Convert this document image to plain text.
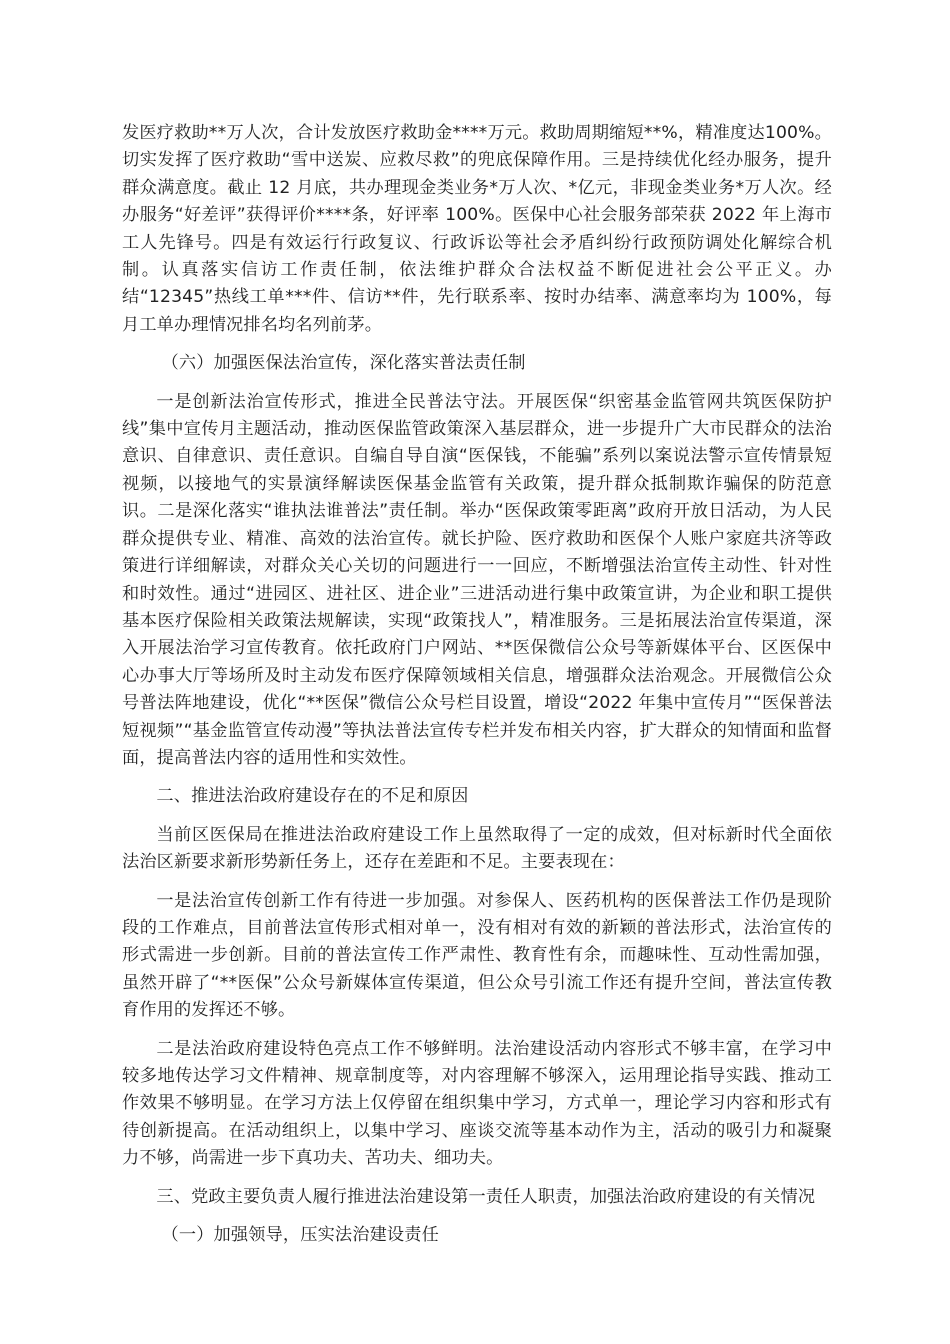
发医疗救助**万人次，合计发放医疗救助金****万元。救助周期缩短**%，精准度达100%。切实发挥了医疗救助“雪中送炭、应救尽救”的兜底保障作用。三是持续优化经办服务，提升群众满意度。截止 12 月底，共办理现金类业务*万人次、*亿元，非现金类业务*万人次。经办服务“好差评”获得评价****条，好评率 100%。医保中心社会服务部荣获 2022 年上海市工人先锋号。四是有效运行行政复议、行政诉讼等社会矛盾纠纷行政预防调处化解综合机制。认真落实信访工作责任制，依法维护群众合法权益不断促进社会公平正义。办结“12345”热线工单***件、信访**件，先行联系率、按时办结率、满意率均为 100%，每月工单办理情况排名均名列前茅。

（六）加强医保法治宣传，深化落实普法责任制

一是创新法治宣传形式，推进全民普法守法。开展医保“织密基金监管网共筑医保防护线”集中宣传月主题活动，推动医保监管政策深入基层群众，进一步提升广大市民群众的法治意识、自律意识、责任意识。自编自导自演“医保钱，不能骗”系列以案说法警示宣传情景短视频，以接地气的实景演绎解读医保基金监管有关政策，提升群众抵制欺诈骗保的防范意识。二是深化落实“谁执法谁普法”责任制。举办“医保政策零距离”政府开放日活动，为人民群众提供专业、精准、高效的法治宣传。就长护险、医疗救助和医保个人账户家庭共济等政策进行详细解读，对群众关心关切的问题进行一一回应，不断增强法治宣传主动性、针对性和时效性。通过“进园区、进社区、进企业”三进活动进行集中政策宣讲，为企业和职工提供基本医疗保险相关政策法规解读，实现“政策找人”，精准服务。三是拓展法治宣传渠道，深入开展法治学习宣传教育。依托政府门户网站、**医保微信公众号等新媒体平台、区医保中心办事大厅等场所及时主动发布医疗保障领域相关信息，增强群众法治观念。开展微信公众号普法阵地建设，优化“**医保”微信公众号栏目设置，增设“2022 年集中宣传月”“医保普法短视频”“基金监管宣传动漫”等执法普法宣传专栏并发布相关内容，扩大群众的知情面和监督面，提高普法内容的适用性和实效性。

二、推进法治政府建设存在的不足和原因

当前区医保局在推进法治政府建设工作上虽然取得了一定的成效，但对标新时代全面依法治区新要求新形势新任务上，还存在差距和不足。主要表现在：

一是法治宣传创新工作有待进一步加强。对参保人、医药机构的医保普法工作仍是现阶段的工作难点，目前普法宣传形式相对单一，没有相对有效的新颖的普法形式，法治宣传的形式需进一步创新。目前的普法宣传工作严肃性、教育性有余，而趣味性、互动性需加强，虽然开辟了“**医保”公众号新媒体宣传渠道，但公众号引流工作还有提升空间，普法宣传教育作用的发挥还不够。

二是法治政府建设特色亮点工作不够鲜明。法治建设活动内容形式不够丰富，在学习中较多地传达学习文件精神、规章制度等，对内容理解不够深入，运用理论指导实践、推动工作效果不够明显。在学习方法上仅停留在组织集中学习，方式单一，理论学习内容和形式有待创新提高。在活动组织上，以集中学习、座谈交流等基本动作为主，活动的吸引力和凝聚力不够，尚需进一步下真功夫、苦功夫、细功夫。

三、党政主要负责人履行推进法治建设第一责任人职责，加强法治政府建设的有关情况

（一）加强领导，压实法治建设责任
